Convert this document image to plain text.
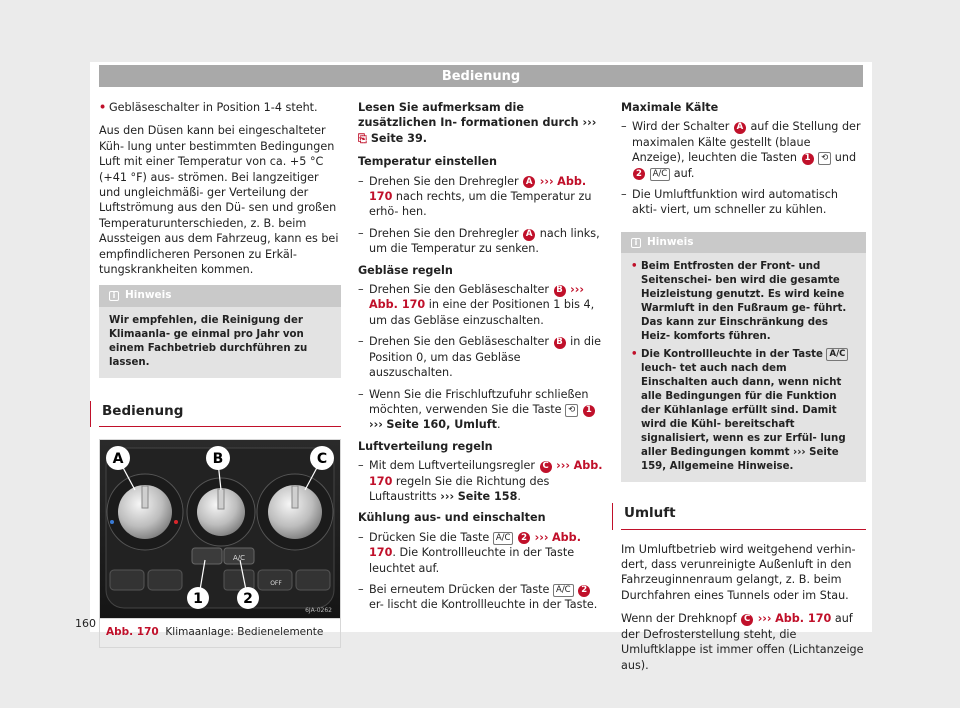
Bedienung
• Gebläseschalter in Position 1-4 steht.

Aus den Düsen kann bei eingeschalteter Küh- lung unter bestimmten Bedingungen Luft mit einer Temperatur von ca. +5 °C (+41 °F) aus- strömen. Bei langzeitiger und ungleichmäßi- ger Verteilung der Luftströmung aus den Dü- sen und großen Temperaturunterschieden, z. B. beim Aussteigen aus dem Fahrzeug, kann es bei empfindlicheren Personen zu Erkäl- tungskrankheiten kommen.

i Hinweis
Wir empfehlen, die Reinigung der Klimaanla- ge einmal pro Jahr von einem Fachbetrieb durchführen zu lassen.
Bedienung
A/C
OFF
A	B	C
1	2
6JA-0262
Abb. 170 Klimaanlage: Bedienelemente

Lesen Sie aufmerksam die zusätzlichen In- formationen durch ››› ⎘ Seite 39.

Temperatur einstellen

– Drehen Sie den Drehregler A ››› Abb. 170 nach rechts, um die Temperatur zu erhö- hen.
– Drehen Sie den Drehregler A nach links, um die Temperatur zu senken.

Gebläse regeln

– Drehen Sie den Gebläseschalter B ››› Abb. 170 in eine der Positionen 1 bis 4, um das Gebläse einzuschalten.
– Drehen Sie den Gebläseschalter B in die Position 0, um das Gebläse auszuschalten.
– Wenn Sie die Frischluftzufuhr schließen möchten, verwenden Sie die Taste ⟲ 1 ››› Seite 160, Umluft.

Luftverteilung regeln

– Mit dem Luftverteilungsregler C ››› Abb. 170 regeln Sie die Richtung des Luftaustritts ››› Seite 158.

Kühlung aus- und einschalten

– Drücken Sie die Taste A/C 2 ››› Abb. 170. Die Kontrollleuchte in der Taste leuchtet auf.
– Bei erneutem Drücken der Taste A/C 2 er- lischt die Kontrollleuchte in der Taste.

Maximale Kälte

– Wird der Schalter A auf die Stellung der maximalen Kälte gestellt (blaue Anzeige), leuchten die Tasten 1 ⟲ und 2 A/C auf.
– Die Umluftfunktion wird automatisch akti- viert, um schneller zu kühlen.
i Hinweis
• Beim Entfrosten der Front- und Seitenschei- ben wird die gesamte Heizleistung genutzt. Es wird keine Warmluft in den Fußraum ge- führt. Das kann zur Einschränkung des Heiz- komforts führen.
• Die Kontrollleuchte in der Taste A/C leuch- tet auch nach dem Einschalten auch dann, wenn nicht alle Bedingungen für die Funktion der Kühlanlage erfüllt sind. Damit wird die Kühl- bereitschaft signalisiert, wenn es zur Erfül- lung aller Bedingungen kommt ››› Seite 159, Allgemeine Hinweise.
Umluft

Im Umluftbetrieb wird weitgehend verhin- dert, dass verunreinigte Außenluft in den Fahrzeuginnenraum gelangt, z. B. beim Durchfahren eines Tunnels oder im Stau.

Wenn der Drehknopf C ››› Abb. 170 auf der Defrosterstellung steht, die Umluftklappe ist immer offen (Lichtanzeige aus).

160
